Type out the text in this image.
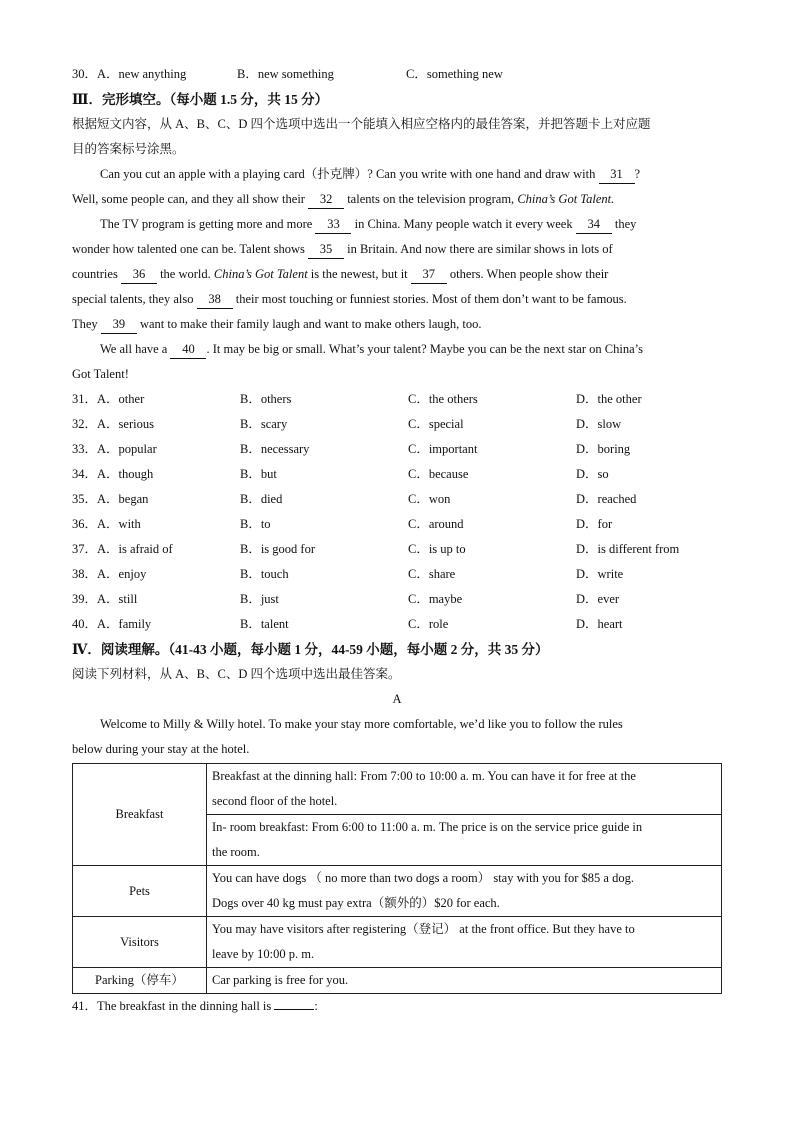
30．A．new anything	B．new something	C．something new
Ⅲ．完形填空。（每小题 1.5 分，共 15 分）
根据短文内容，从 A、B、C、D 四个选项中选出一个能填入相应空格内的最佳答案，并把答题卡上对应题
目的答案标号涂黑。
Can you cut an apple with a playing card（扑克牌）? Can you write with one hand and draw with 31 ?
Well, some people can, and they all show their 32 talents on the television program, China’s Got Talent.
The TV program is getting more and more 33 in China. Many people watch it every week 34 they
wonder how talented one can be. Talent shows 35 in Britain. And now there are similar shows in lots of
countries 36 the world. China’s Got Talent is the newest, but it 37 others. When people show their
special talents, they also 38 their most touching or funniest stories. Most of them don’t want to be famous.
They 39 want to make their family laugh and want to make others laugh, too.
We all have a 40 . It may be big or small. What’s your talent? Maybe you can be the next star on China’s
Got Talent!
31．A．other	B．others	C．the others	D．the other
32．A．serious	B．scary	C．special	D．slow
33．A．popular	B．necessary	C．important	D．boring
34．A．though	B．but	C．because	D．so
35．A．began	B．died	C．won	D．reached
36．A．with	B．to	C．around	D．for
37．A．is afraid of	B．is good for	C．is up to	D．is different from
38．A．enjoy	B．touch	C．share	D．write
39．A．still	B．just	C．maybe	D．ever
40．A．family	B．talent	C．role	D．heart
Ⅳ．阅读理解。（41-43 小题，每小题 1 分，44-59 小题，每小题 2 分，共 35 分）
阅读下列材料，从 A、B、C、D 四个选项中选出最佳答案。
A
Welcome to Milly & Willy hotel. To make your stay more comfortable, we’d like you to follow the rules
below during your stay at the hotel.
Breakfast	Breakfast at the dinning hall: From 7:00 to 10:00 a. m. You can have it for free at the
second floor of the hotel.

	In- room breakfast: From 6:00 to 11:00 a. m. The price is on the service price guide in
the room.

Pets	You can have dogs （ no more than two dogs a room） stay with you for $85 a dog.
Dogs over 40 kg must pay extra（额外的）$20 for each.

Visitors	You may have visitors after registering（登记） at the front office. But they have to
leave by 10:00 p. m.

Parking（停车）	Car parking is free for you.
41．The breakfast in the dinning hall is	:
